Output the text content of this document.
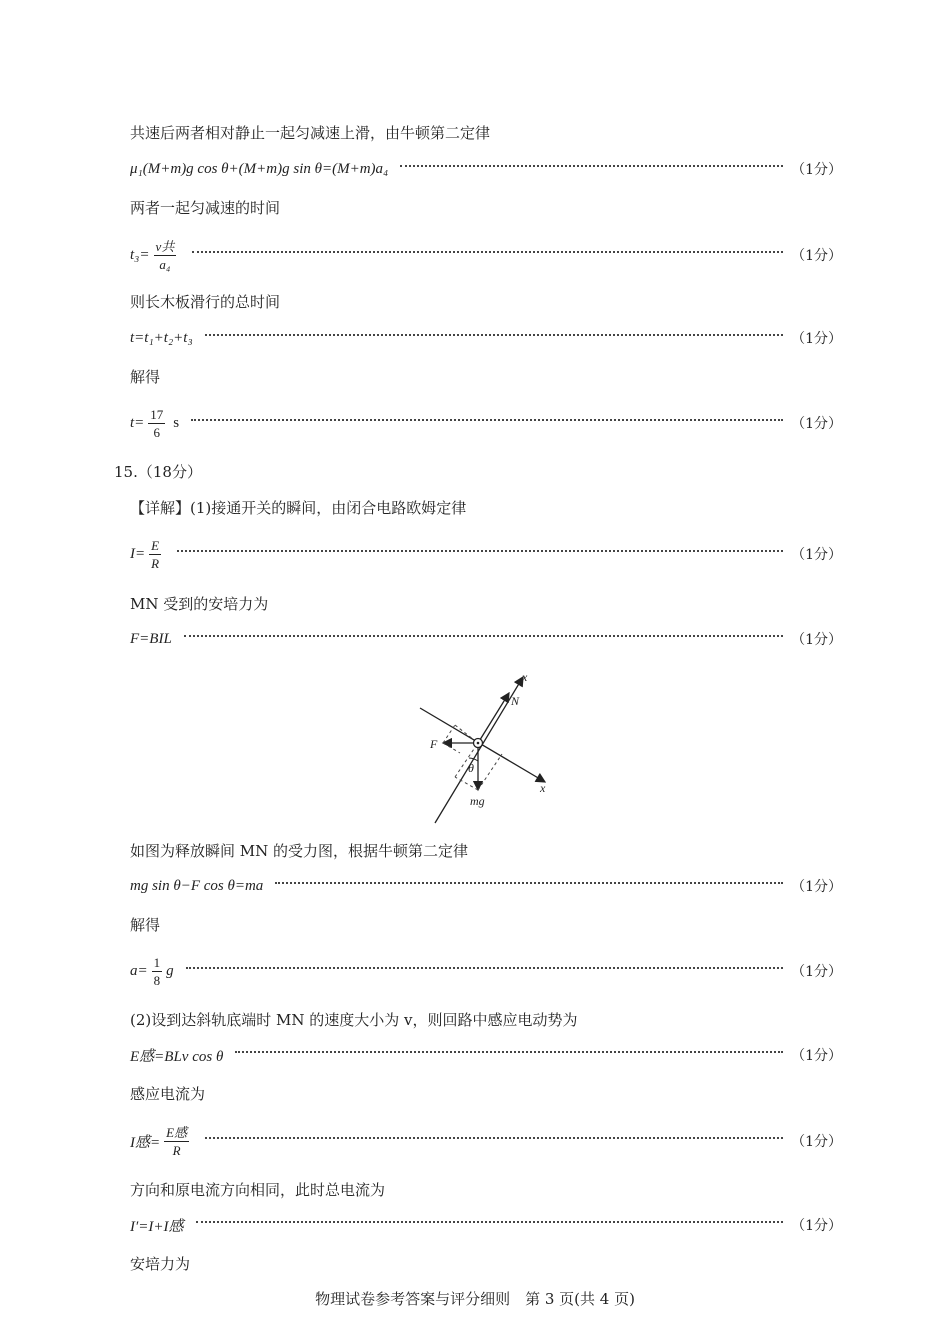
共速后两者相对静止一起匀减速上滑，由牛顿第二定律
μ₁(M+m)g cos θ+(M+m)g sin θ=(M+m)a₄	（1分）
两者一起匀减速的时间
$t_3= \frac{\text{v共}}{\text{a₄}}$	（1分）
则长木板滑行的总时间
t=t₁+t₂+t₃	（1分）
解得
$t= \frac{17}{6}$ s	（1分）
15.（18分）
【详解】(1)接通开关的瞬间，由闭合电路欧姆定律
$I= \frac{E}{R}$	（1分）
MN 受到的安培力为
F=BIL	（1分）
x
x
N
F
θ
mg
如图为释放瞬间 MN 的受力图，根据牛顿第二定律
mg sin θ−F cos θ=ma	（1分）
解得
$a= \frac{1}{8}$ g	（1分）
(2)设到达斜轨底端时 MN 的速度大小为 v，则回路中感应电动势为
E感=BLv cos θ	（1分）
感应电流为
I感= $\frac{\text{E感}}{R}$	（1分）
方向和原电流方向相同，此时总电流为
I′=I+I感	（1分）
安培力为
物理试卷参考答案与评分细则　第 3 页(共 4 页)
